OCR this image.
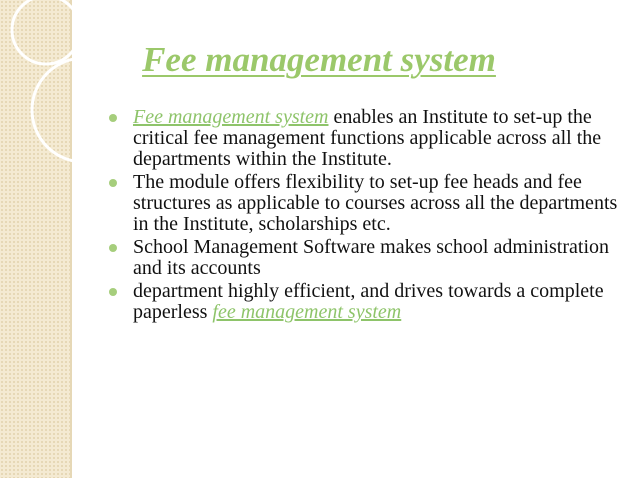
Fee management system
Fee management system enables an Institute to set-up the critical fee management functions applicable across all the departments within the Institute.
The module offers flexibility to set-up fee heads and fee structures as applicable to courses across all the departments in the Institute, scholarships etc.
School Management Software makes school administration and its accounts
department highly efficient, and drives towards a complete paperless fee management system
